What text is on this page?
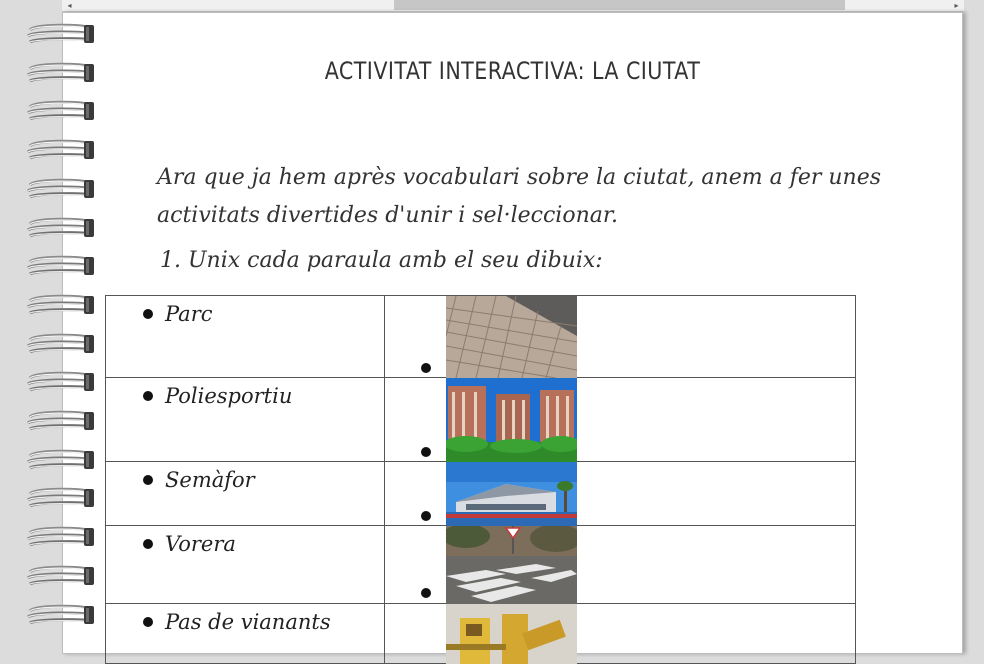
◂	▸
ACTIVITAT INTERACTIVA: LA CIUTAT
Ara que ja hem après vocabulari sobre la ciutat, anem a fer unes activitats divertides d'unir i sel·leccionar.
1. Unix cada paraula amb el seu dibuix:
Parc

Poliesportiu

Semàfor

Vorera

Pas de vianants
